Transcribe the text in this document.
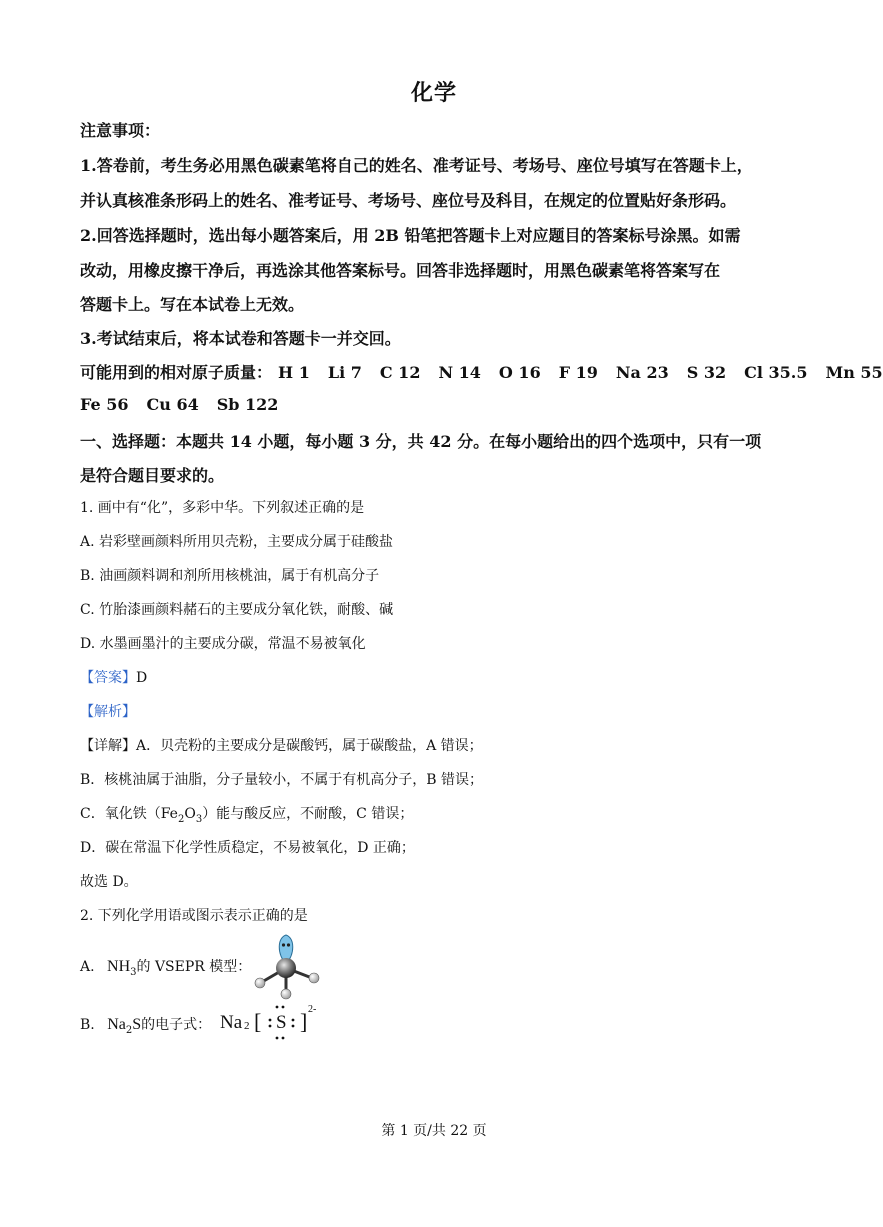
化学
注意事项：
1.答卷前，考生务必用黑色碳素笔将自己的姓名、准考证号、考场号、座位号填写在答题卡上，
并认真核准条形码上的姓名、准考证号、考场号、座位号及科目，在规定的位置贴好条形码。
2.回答选择题时，选出每小题答案后，用 2B 铅笔把答题卡上对应题目的答案标号涂黑。如需
改动，用橡皮擦干净后，再选涂其他答案标号。回答非选择题时，用黑色碳素笔将答案写在
答题卡上。写在本试卷上无效。
3.考试结束后，将本试卷和答题卡一并交回。
可能用到的相对原子质量： H 1 Li 7 C 12 N 14 O 16 F 19 Na 23 S 32 Cl 35.5 Mn 55
Fe 56 Cu 64 Sb 122
一、选择题：本题共 14 小题，每小题 3 分，共 42 分。在每小题给出的四个选项中，只有一项
是符合题目要求的。
1. 画中有“化”，多彩中华。下列叙述正确的是
A. 岩彩壁画颜料所用贝壳粉，主要成分属于硅酸盐
B. 油画颜料调和剂所用核桃油，属于有机高分子
C. 竹胎漆画颜料赭石的主要成分氧化铁，耐酸、碱
D. 水墨画墨汁的主要成分碳，常温不易被氧化
【答案】D
【解析】
【详解】A．贝壳粉的主要成分是碳酸钙，属于碳酸盐，A 错误；
B．核桃油属于油脂，分子量较小，不属于有机高分子，B 错误；
C．氧化铁$(Fe_2O_3)$能与酸反应，不耐酸，C 错误；
D．碳在常温下化学性质稳定，不易被氧化，D 正确；
故选 D。
2. 下列化学用语或图示表示正确的是
A. $NH_3$的 VSEPR 模型：
B. $Na_2S$的电子式： Na 2 [ S ] 2-
第 1 页/共 22 页
